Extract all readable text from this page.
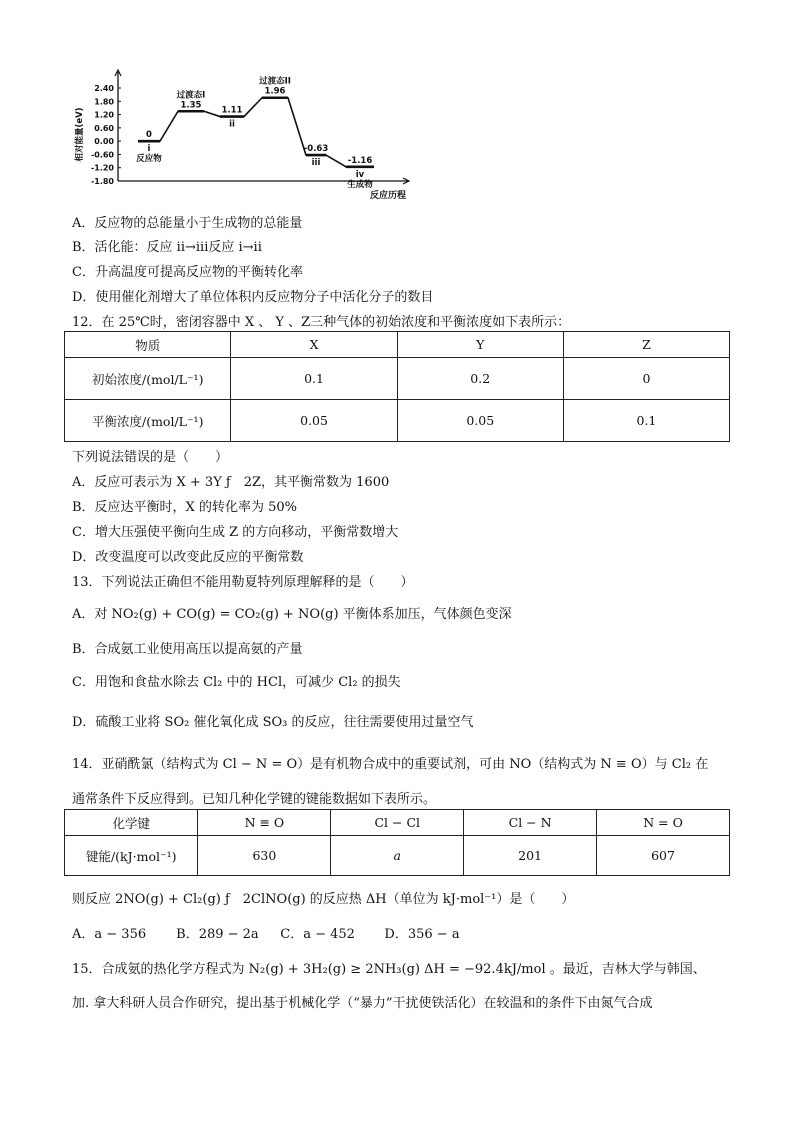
2.40
1.80
1.20
0.60
0.00
-0.60
-1.20
-1.80
相对能量(eV)
反应历程
0
i
反应物
1.35
过渡态I
1.11
ii
1.96
过渡态II
-0.63
iii	-1.16
iv
生成物
A．反应物的总能量小于生成物的总能量
B．活化能：反应 ii→iii反应 i→ii
C．升高温度可提高反应物的平衡转化率
D．使用催化剂增大了单位体积内反应物分子中活化分子的数目
12．在 25℃时，密闭容器中 X 、 Y 、Z三种气体的初始浓度和平衡浓度如下表所示：
物质	X	Y	Z
初始浓度/(mol/L⁻¹)	0.1	0.2	0
平衡浓度/(mol/L⁻¹)	0.05	0.05	0.1
下列说法错误的是（　　）
A．反应可表示为 X + 3Y ƒ　2Z，其平衡常数为 1600
B．反应达平衡时，X 的转化率为 50%
C．增大压强使平衡向生成 Z 的方向移动，平衡常数增大
D．改变温度可以改变此反应的平衡常数
13．下列说法正确但不能用勒夏特列原理解释的是（　　）
A．对 NO₂(g) + CO(g) = CO₂(g) + NO(g) 平衡体系加压，气体颜色变深
B．合成氨工业使用高压以提高氨的产量
C．用饱和食盐水除去 Cl₂ 中的 HCl，可减少 Cl₂ 的损失
D．硫酸工业将 SO₂ 催化氧化成 SO₃ 的反应，往往需要使用过量空气
14．亚硝酰氯（结构式为 Cl − N = O）是有机物合成中的重要试剂，可由 NO（结构式为 N ≡ O）与 Cl₂ 在
通常条件下反应得到。已知几种化学键的键能数据如下表所示。
化学键	N ≡ O	Cl − Cl	Cl − N	N = O
键能/(kJ·mol⁻¹)	630	a	201	607
则反应 2NO(g) + Cl₂(g) ƒ　2ClNO(g) 的反应热 ΔH（单位为 kJ·mol⁻¹）是（　　）
A．a − 356 B．289 − 2a C．a − 452 D．356 − a
15．合成氨的热化学方程式为 N₂(g) + 3H₂(g) ≥ 2NH₃(g) ΔH = −92.4kJ/mol 。最近，吉林大学与韩国、
加. 拿大科研人员合作研究，提出基于机械化学（“暴力”干扰使铁活化）在较温和的条件下由氮气合成
